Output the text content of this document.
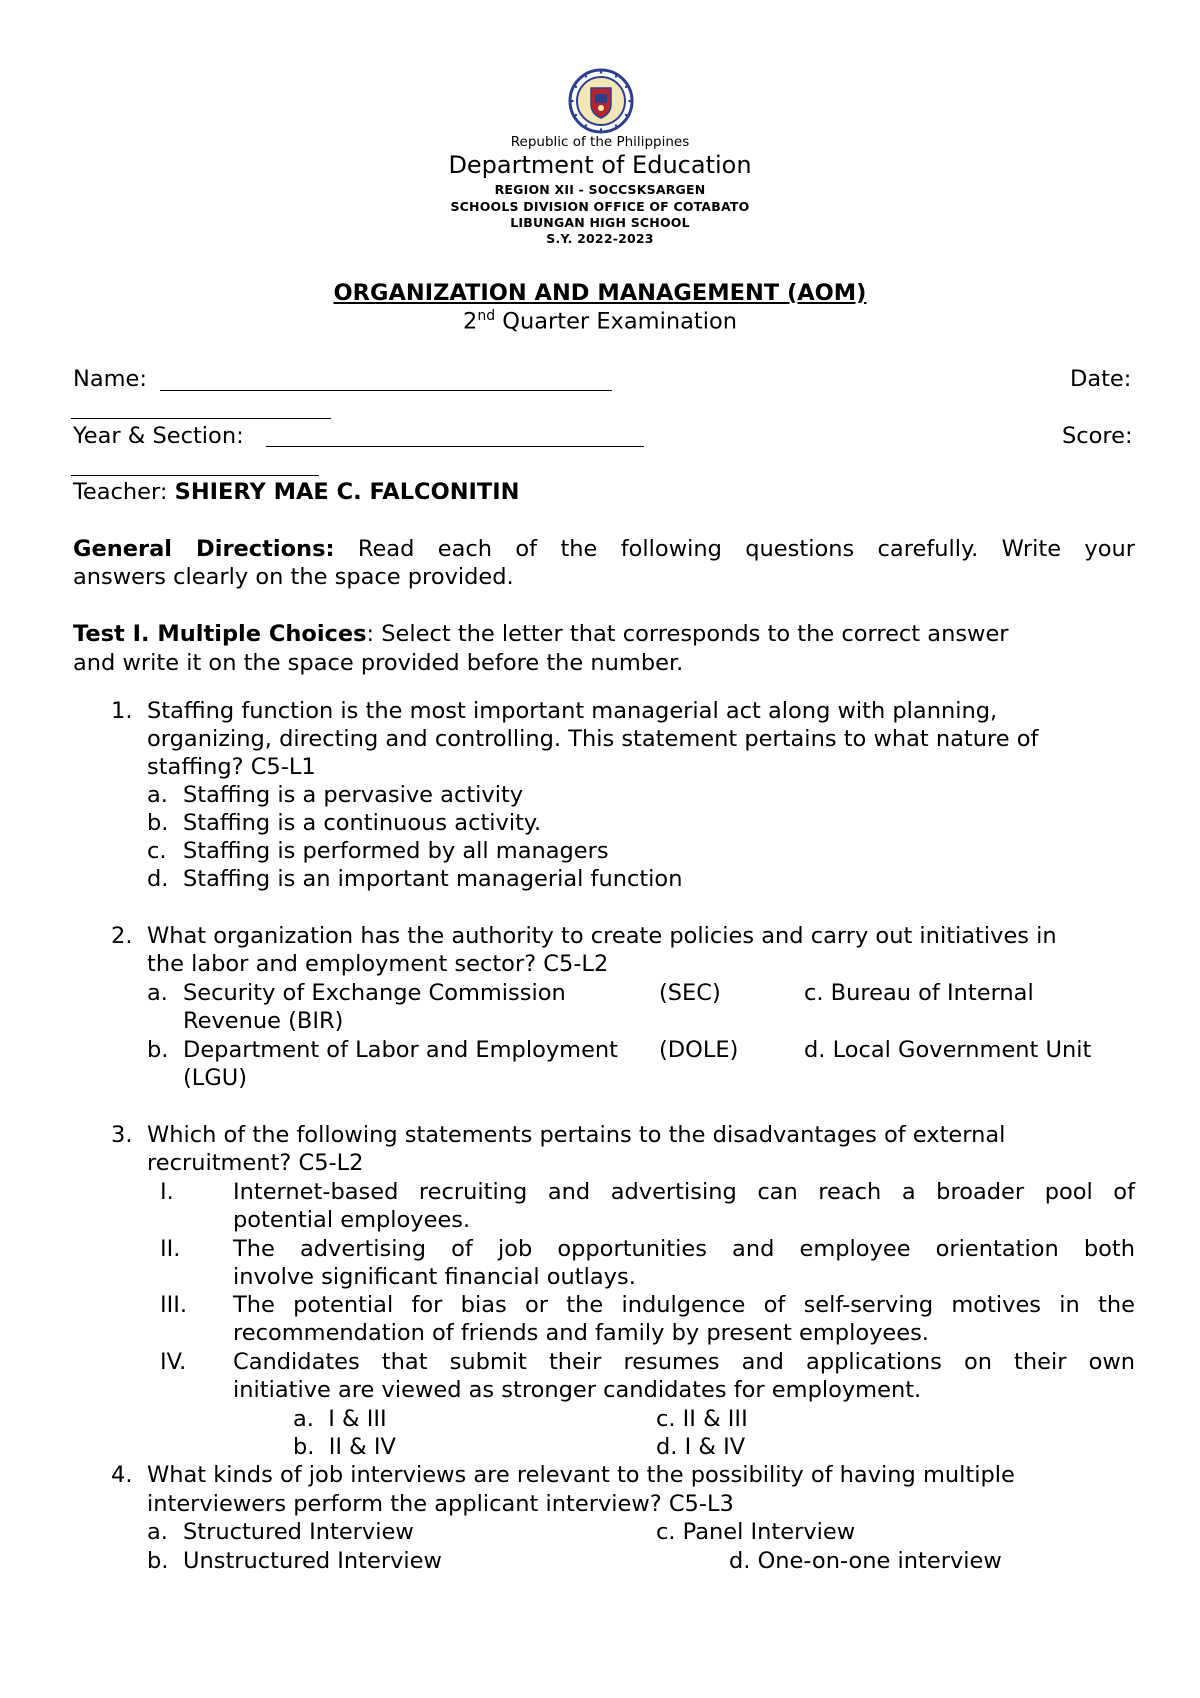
Republic of the Philippines
Department of Education
REGION XII - SOCCSKSARGEN
SCHOOLS DIVISION OFFICE OF COTABATO
LIBUNGAN HIGH SCHOOL
S.Y. 2022-2023
ORGANIZATION AND MANAGEMENT (AOM)
2nd Quarter Examination
Name:	Date:
Year & Section:	Score:
Teacher: SHIERY MAE C. FALCONITIN
General Directions: Read each of the following questions carefully. Write your
answers clearly on the space provided.
Test I. Multiple Choices: Select the letter that corresponds to the correct answer
and write it on the space provided before the number.
1. Staffing function is the most important managerial act along with planning,
organizing, directing and controlling. This statement pertains to what nature of
staffing? C5-L1
a. Staffing is a pervasive activity
b. Staffing is a continuous activity.
c. Staffing is performed by all managers
d. Staffing is an important managerial function
2. What organization has the authority to create policies and carry out initiatives in
the labor and employment sector? C5-L2
a. Security of Exchange Commission	(SEC)	c. Bureau of Internal
Revenue (BIR)
b. Department of Labor and Employment (DOLE)	d. Local Government Unit
(LGU)
3. Which of the following statements pertains to the disadvantages of external
recruitment? C5-L2
I.	Internet-based recruiting and advertising can reach a broader pool of
potential employees.
II. The advertising of job opportunities and employee orientation both
involve significant financial outlays.
III. The potential for bias or the indulgence of self-serving motives in the
recommendation of friends and family by present employees.
IV. Candidates that submit their resumes and applications on their own
initiative are viewed as stronger candidates for employment.
a.  I & III	c. II & III
b.  II & IV	d. I & IV
4. What kinds of job interviews are relevant to the possibility of having multiple
interviewers perform the applicant interview? C5-L3
a. Structured Interview	c. Panel Interview
b. Unstructured Interview	d. One-on-one interview
